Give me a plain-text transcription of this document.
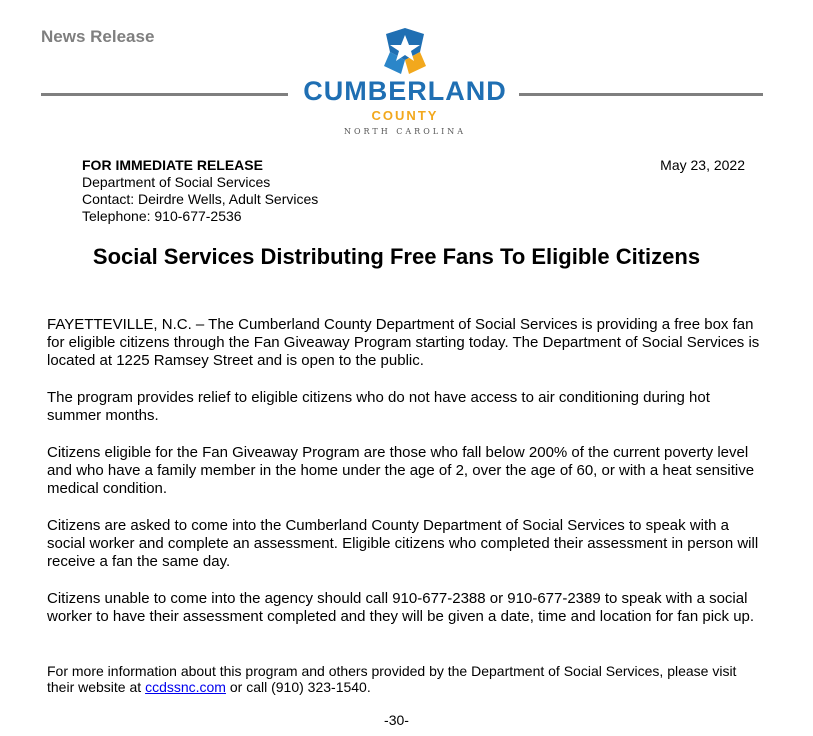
News Release
CUMBERLAND
COUNTY
NORTH CAROLINA
FOR IMMEDIATE RELEASE
Department of Social Services
Contact: Deirdre Wells, Adult Services
Telephone: 910-677-2536
May 23, 2022
Social Services Distributing Free Fans To Eligible Citizens

FAYETTEVILLE, N.C. – The Cumberland County Department of Social Services is providing a free box fan for eligible citizens through the Fan Giveaway Program starting today. The Department of Social Services is located at 1225 Ramsey Street and is open to the public.

The program provides relief to eligible citizens who do not have access to air conditioning during hot summer months.

Citizens eligible for the Fan Giveaway Program are those who fall below 200% of the current poverty level and who have a family member in the home under the age of 2, over the age of 60, or with a heat sensitive medical condition.

Citizens are asked to come into the Cumberland County Department of Social Services to speak with a social worker and complete an assessment. Eligible citizens who completed their assessment in person will receive a fan the same day.

Citizens unable to come into the agency should call 910-677-2388 or 910-677-2389 to speak with a social worker to have their assessment completed and they will be given a date, time and location for fan pick up.

For more information about this program and others provided by the Department of Social Services, please visit their website at ccdssnc.com or call (910) 323-1540.
-30-
